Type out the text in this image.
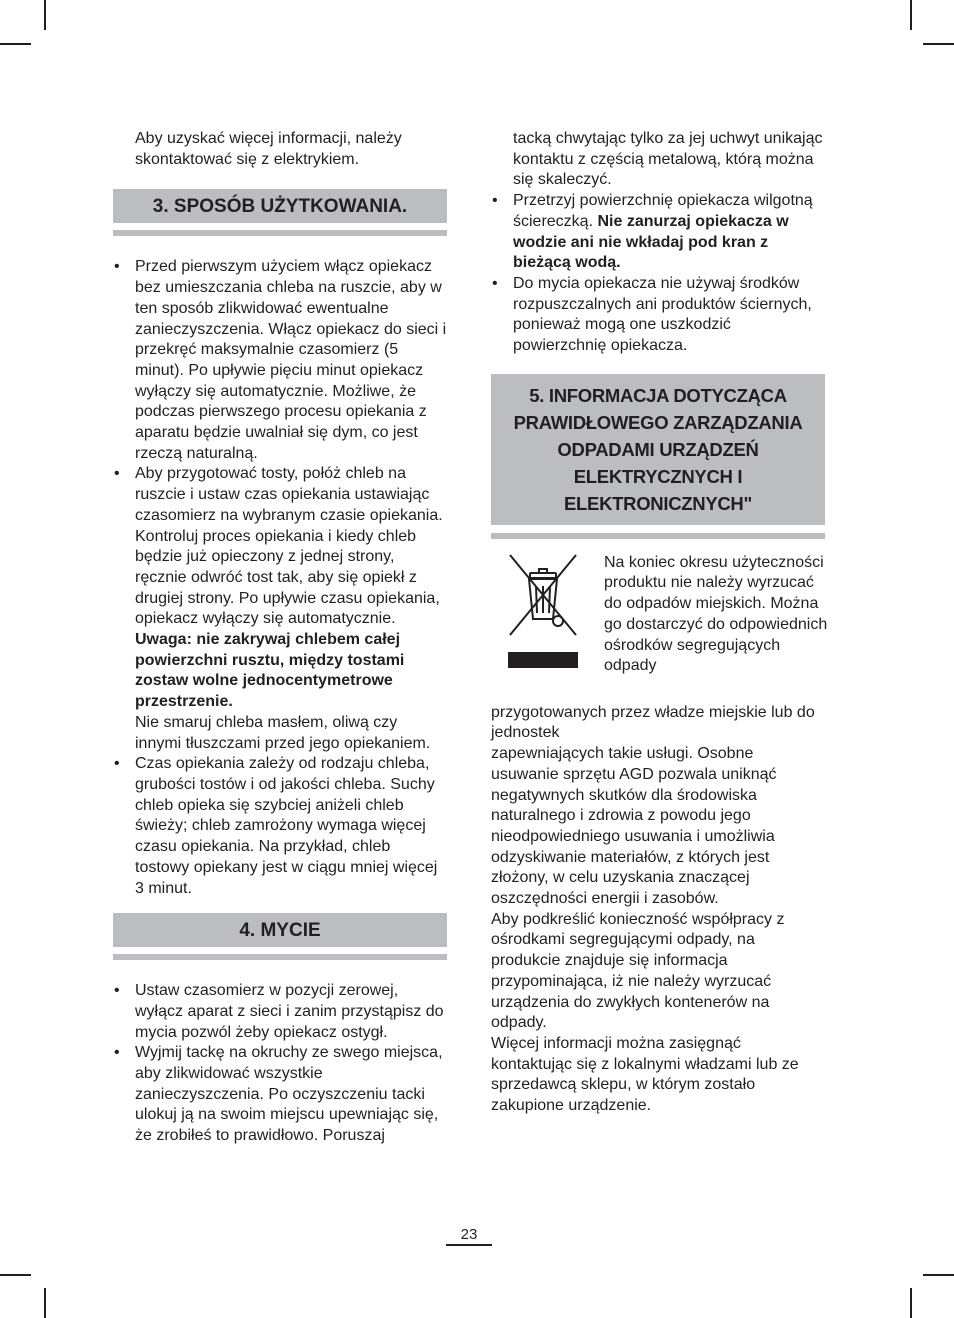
Aby uzyskać więcej informacji, należy skontaktować się z elektrykiem.

3. SPOSÓB UŻYTKOWANIA.
• Przed pierwszym użyciem włącz opiekacz bez umieszczania chleba na ruszcie, aby w ten sposób zlikwidować ewentualne zanieczyszczenia. Włącz opiekacz do sieci i przekręć maksymalnie czasomierz (5 minut). Po upływie pięciu minut opiekacz wyłączy się automatycznie. Możliwe, że podczas pierwszego procesu opiekania z aparatu będzie uwalniał się dym, co jest rzeczą naturalną.
• Aby przygotować tosty, połóż chleb na ruszcie i ustaw czas opiekania ustawiając czasomierz na wybranym czasie opiekania. Kontroluj proces opiekania i kiedy chleb będzie już opieczony z jednej strony, ręcznie odwróć tost tak, aby się opiekł z drugiej strony. Po upływie czasu opiekania, opiekacz wyłączy się automatycznie. Uwaga: nie zakrywaj chlebem całej powierzchni rusztu, między tostami zostaw wolne jednocentymetrowe przestrzenie.
Nie smaruj chleba masłem, oliwą czy innymi tłuszczami przed jego opiekaniem.
• Czas opiekania zależy od rodzaju chleba, grubości tostów i od jakości chleba. Suchy chleb opieka się szybciej aniżeli chleb świeży; chleb zamrożony wymaga więcej czasu opiekania. Na przykład, chleb tostowy opiekany jest w ciągu mniej więcej 3 minut.
4. MYCIE
• Ustaw czasomierz w pozycji zerowej, wyłącz aparat z sieci i zanim przystąpisz do mycia pozwól żeby opiekacz ostygł.
• Wyjmij tackę na okruchy ze swego miejsca, aby zlikwidować wszystkie zanieczyszczenia. Po oczyszczeniu tacki ulokuj ją na swoim miejscu upewniając się, że zrobiłeś to prawidłowo. Poruszaj

tacką chwytając tylko za jej uchwyt unikając kontaktu z częścią metalową, którą można się skaleczyć.

• Przetrzyj powierzchnię opiekacza wilgotną ściereczką. Nie zanurzaj opiekacza w wodzie ani nie wkładaj pod kran z bieżącą wodą.
• Do mycia opiekacza nie używaj środków rozpuszczalnych ani produktów ściernych, ponieważ mogą one uszkodzić powierzchnię opiekacza.
5. INFORMACJA DOTYCZĄCA
PRAWIDŁOWEGO ZARZĄDZANIA
ODPADAMI URZĄDZEŃ
ELEKTRYCZNYCH I ELEKTRONICZNYCH"
Na koniec okresu użyteczności produktu nie należy wyrzucać do odpadów miejskich. Można go dostarczyć do odpowiednich ośrodków segregujących odpady

przygotowanych przez władze miejskie lub do jednostek

zapewniających takie usługi. Osobne usuwanie sprzętu AGD pozwala uniknąć negatywnych skutków dla środowiska naturalnego i zdrowia z powodu jego nieodpowiedniego usuwania i umożliwia odzyskiwanie materiałów, z których jest złożony, w celu uzyskania znaczącej oszczędności energii i zasobów.

Aby podkreślić konieczność współpracy z ośrodkami segregującymi odpady, na produkcie znajduje się informacja przypominająca, iż nie należy wyrzucać urządzenia do zwykłych kontenerów na odpady.

Więcej informacji można zasięgnąć kontaktując się z lokalnymi władzami lub ze sprzedawcą sklepu, w którym zostało zakupione urządzenie.

23
